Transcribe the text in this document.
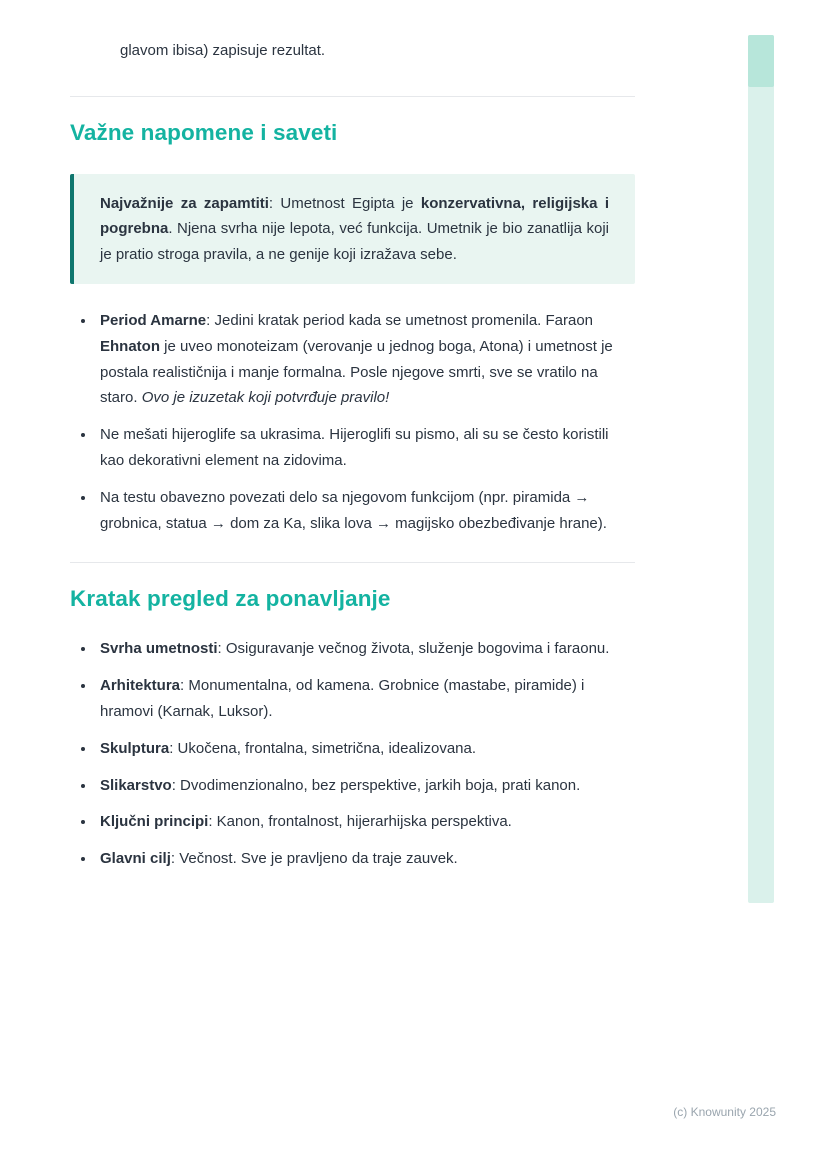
glavom ibisa) zapisuje rezultat.

Važne napomene i saveti
Najvažnije za zapamtiti: Umetnost Egipta je konzervativna, religijska i pogrebna. Njena svrha nije lepota, već funkcija. Umetnik je bio zanatlija koji je pratio stroga pravila, a ne genije koji izražava sebe.
• Period Amarne: Jedini kratak period kada se umetnost promenila. Faraon Ehnaton je uveo monoteizam (verovanje u jednog boga, Atona) i umetnost je postala realističnija i manje formalna. Posle njegove smrti, sve se vratilo na staro. Ovo je izuzetak koji potvrđuje pravilo!
• Ne mešati hijeroglife sa ukrasima. Hijeroglifi su pismo, ali su se često koristili kao dekorativni element na zidovima.
• Na testu obavezno povezati delo sa njegovom funkcijom (npr. piramida → grobnica, statua → dom za Ka, slika lova → magijsko obezbeđivanje hrane).
Kratak pregled za ponavljanje
• Svrha umetnosti: Osiguravanje večnog života, služenje bogovima i faraonu.
• Arhitektura: Monumentalna, od kamena. Grobnice (mastabe, piramide) i hramovi (Karnak, Luksor).
• Skulptura: Ukočena, frontalna, simetrična, idealizovana.
• Slikarstvo: Dvodimenzionalno, bez perspektive, jarkih boja, prati kanon.
• Ključni principi: Kanon, frontalnost, hijerarhijska perspektiva.
• Glavni cilj: Večnost. Sve je pravljeno da traje zauvek.
(c) Knowunity 2025
